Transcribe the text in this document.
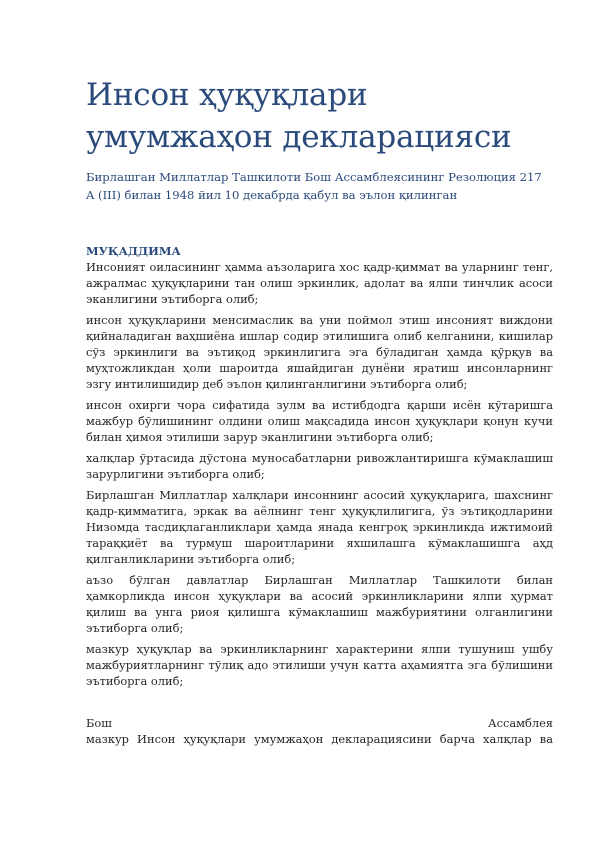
Инсон ҳуқуқлари умумжаҳон декларацияси

Бирлашган Миллатлар Ташкилоти Бош Ассамблеясининг Резолюция 217 A (III) билан 1948 йил 10 декабрда қабул ва эълон қилинган

МУҚАДДИМА

Инсоният оиласининг ҳамма аъзоларига хос қадр-қиммат ва уларнинг тенг, ажралмас ҳуқуқларини тан олиш эркинлик, адолат ва ялпи тинчлик асоси эканлигини эътиборга олиб;

инсон ҳуқуқларини менсимаслик ва уни поймол этиш инсоният виждони қийналадиган ваҳшиёна ишлар содир этилишига олиб келганини, кишилар сўз эркинлиги ва эътиқод эркинлигига эга бўладиган ҳамда қўрқув ва муҳтожликдан ҳоли шароитда яшайдиган дунёни яратиш инсонларнинг эзгу интилишидир деб эълон қилинганлигини эътиборга олиб;

инсон охирги чора сифатида зулм ва истибдодга қарши исён кўтаришга мажбур бўлишининг олдини олиш мақсадида инсон ҳуқуқлари қонун кучи билан ҳимоя этилиши зарур эканлигини эътиборга олиб;

халқлар ўртасида дўстона муносабатларни ривожлантиришга кўмаклашиш зарурлигини эътиборга олиб;

Бирлашган Миллатлар халқлари инсоннинг асосий ҳуқуқларига, шахснинг қадр-қимматига, эркак ва аёлнинг тенг ҳуқуқлилигига, ўз эътиқодларини Низомда тасдиқлаганликлари ҳамда янада кенгроқ эркинликда ижтимоий тараққиёт ва турмуш шароитларини яхшилашга кўмаклашишга аҳд қилганликларини эътиборга олиб;

аъзо бўлган давлатлар Бирлашган Миллатлар Ташкилоти билан ҳамкорликда инсон ҳуқуқлари ва асосий эркинликларини ялпи ҳурмат қилиш ва унга риоя қилишга кўмаклашиш мажбуриятини олганлигини эътиборга олиб;

мазкур ҳуқуқлар ва эркинликларнинг характерини ялпи тушуниш ушбу мажбуриятларнинг тўлиқ адо этилиши учун катта аҳамиятга эга бўлишини эътиборга олиб;

Бош	Ассамблея

мазкур Инсон ҳуқуқлари умумжаҳон декларациясини барча халқлар ва
